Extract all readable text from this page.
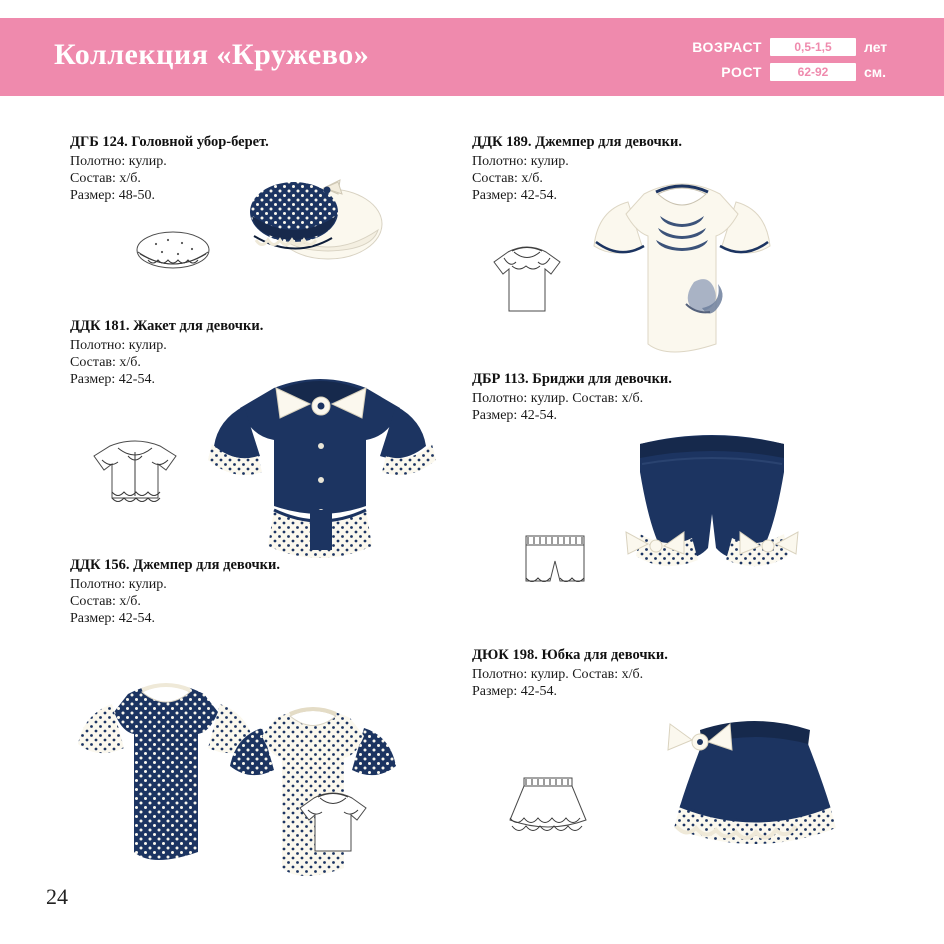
Коллекция «Кружево»	ВОЗРАСТ	0,5-1,5	лет
РОСТ	62-92	см.
ДГБ 124. Головной убор-берет.
Полотно: кулир.
Состав: х/б.
Размер: 48-50.
ДДК 181. Жакет для девочки.
Полотно: кулир.
Состав: х/б.
Размер: 42-54.
ДДК 156. Джемпер для девочки.
Полотно: кулир.
Состав: х/б.
Размер: 42-54.
ДДК 189. Джемпер для девочки.
Полотно: кулир.
Состав: х/б.
Размер: 42-54.
ДБР 113. Бриджи для девочки.
Полотно: кулир. Состав: х/б.
Размер: 42-54.
ДЮК 198. Юбка для девочки.
Полотно: кулир. Состав: х/б.
Размер: 42-54.
24
